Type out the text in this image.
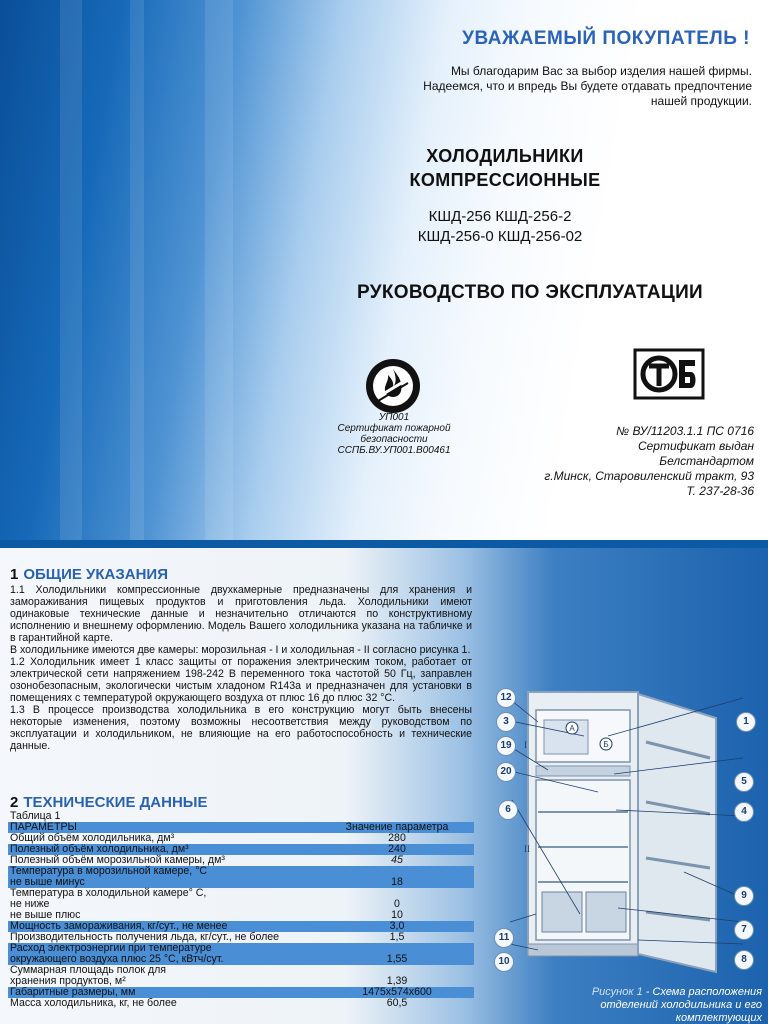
УВАЖАЕМЫЙ ПОКУПАТЕЛЬ !
Мы благодарим Вас за выбор изделия нашей фирмы.
Надеемся, что и впредь Вы будете отдавать предпочтение
нашей продукции.
ХОЛОДИЛЬНИКИ
КОМПРЕССИОННЫЕ
КШД-256 КШД-256-2
КШД-256-0 КШД-256-02
РУКОВОДСТВО ПО ЭКСПЛУАТАЦИИ
УП001
Сертификат пожарной
безопасности
ССПБ.ВУ.УП001.В00461
№ ВУ/11203.1.1 ПС 0716
Сертификат выдан
Белстандартом
г.Минск, Старовиленский тракт, 93
Т. 237-28-36
1 ОБЩИЕ УКАЗАНИЯ

1.1 Холодильники компрессионные двухкамерные предназначены для хранения и замораживания пищевых продуктов и приготовления льда. Холодильники имеют одинаковые технические данные и незначительно отличаются по конструктивному исполнению и внешнему оформлению. Модель Вашего холодильника указана на табличке и в гарантийной карте.

В холодильнике имеются две камеры: морозильная - I и холодильная - II согласно рисунка 1.

1.2 Холодильник имеет 1 класс защиты от поражения электрическим током, работает от электрической сети напряжением 198-242 В переменного тока частотой 50 Гц, заправлен озонобезопасным, экологически чистым хладоном R143а и предназначен для установки в помещениях с температурой окружающего воздуха от плюс 16 до плюс 32 °С.

1.3 В процессе производства холодильника в его конструкцию могут быть внесены некоторые изменения, поэтому возможны несоответствия между руководством по эксплуатации и холодильником, не влияющие на его работоспособность и технические данные.

2 ТЕХНИЧЕСКИЕ ДАННЫЕ
Таблица 1
ПАРАМЕТРЫ	Значение параметра
Общий объём холодильника, дм³	280
Полезный объём холодильника, дм³	240
Полезный объём морозильной камеры, дм³	45
Температура в морозильной камере, °С
не выше минус	18
Температура в холодильной камере° С,
не ниже	0
не выше плюс	10
Мощность замораживания, кг/сут., не менее	3,0
Производительность получения льда, кг/сут., не более	1,5
Расход электроэнергии при температуре
окружающего воздуха плюс 25 °С, кВтч/сут.	1,55
Суммарная площадь полок для
хранения продуктов, м²	1,39
Габаритные размеры, мм	1475х574х600
Масса холодильника, кг, не более	60,5
А
Б
I
II
12
3
19
20
6
11
10
1
5
4
9
7
8
Рисунок 1 - Схема расположения отделений холодильника и его комплектующих
